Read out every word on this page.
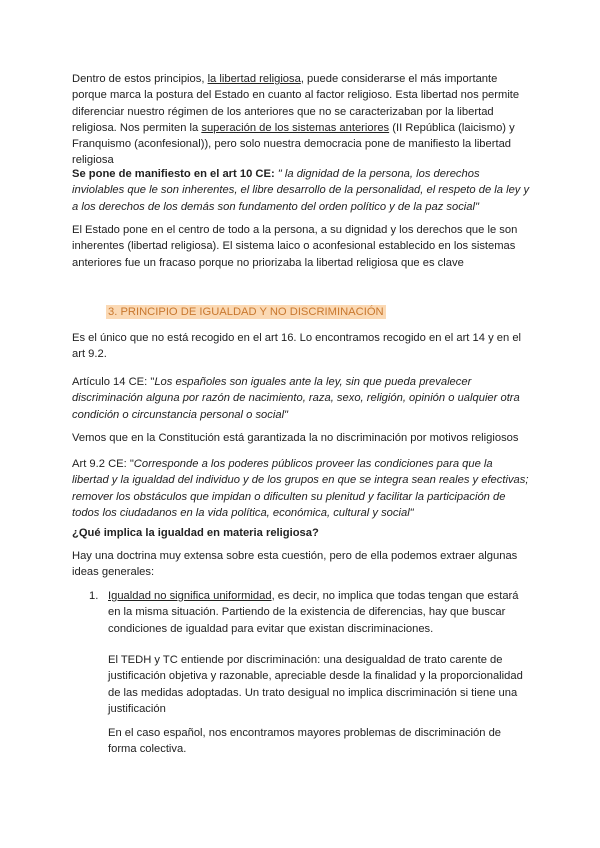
Dentro de estos principios, la libertad religiosa, puede considerarse el más importante porque marca la postura del Estado en cuanto al factor religioso. Esta libertad nos permite diferenciar nuestro régimen de los anteriores que no se caracterizaban por la libertad religiosa. Nos permiten la superación de los sistemas anteriores (II República (laicismo) y Franquismo (aconfesional)), pero solo nuestra democracia pone de manifiesto la libertad religiosa

Se pone de manifiesto en el art 10 CE: " la dignidad de la persona, los derechos inviolables que le son inherentes, el libre desarrollo de la personalidad, el respeto de la ley y a los derechos de los demás son fundamento del orden político y de la paz social"

El Estado pone en el centro de todo a la persona, a su dignidad y los derechos que le son inherentes (libertad religiosa). El sistema laico o aconfesional establecido en los sistemas anteriores fue un fracaso porque no priorizaba la libertad religiosa que es clave

3. PRINCIPIO DE IGUALDAD Y NO DISCRIMINACIÓN

Es el único que no está recogido en el art 16. Lo encontramos recogido en el art 14 y en el art 9.2.

Artículo 14 CE: "Los españoles son iguales ante la ley, sin que pueda prevalecer discriminación alguna por razón de nacimiento, raza, sexo, religión, opinión o ualquier otra condición o circunstancia personal o social"

Vemos que en la Constitución está garantizada la no discriminación por motivos religiosos

Art 9.2 CE: "Corresponde a los poderes públicos proveer las condiciones para que la libertad y la igualdad del individuo y de los grupos en que se integra sean reales y efectivas; remover los obstáculos que impidan o dificulten su plenitud y facilitar la participación de todos los ciudadanos en la vida política, económica, cultural y social"

¿Qué implica la igualdad en materia religiosa?

Hay una doctrina muy extensa sobre esta cuestión, pero de ella podemos extraer algunas ideas generales:

1. Igualdad no significa uniformidad, es decir, no implica que todas tengan que estará en la misma situación. Partiendo de la existencia de diferencias, hay que buscar condiciones de igualdad para evitar que existan discriminaciones.

El TEDH y TC entiende por discriminación: una desigualdad de trato carente de justificación objetiva y razonable, apreciable desde la finalidad y la proporcionalidad de las medidas adoptadas. Un trato desigual no implica discriminación si tiene una justificación

En el caso español, nos encontramos mayores problemas de discriminación de forma colectiva.
